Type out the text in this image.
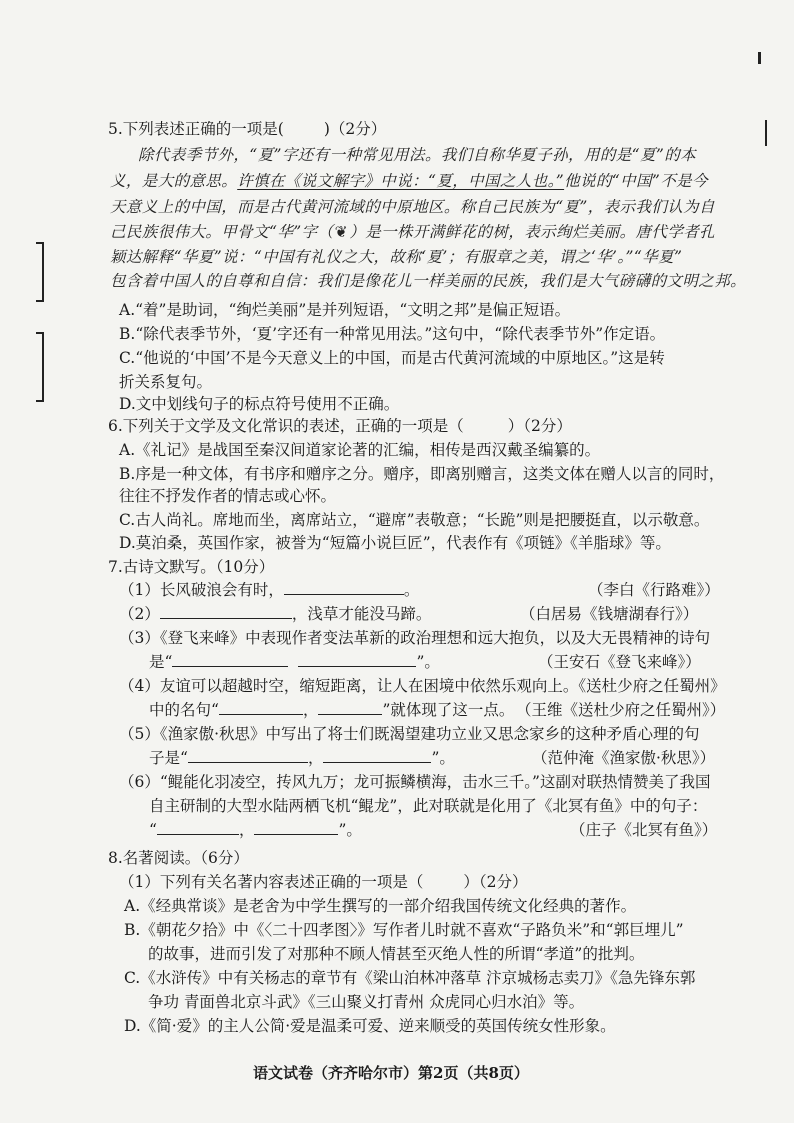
5.下列表述正确的一项是(	)（2分）
除代表季节外，“夏”字还有一种常见用法。我们自称华夏子孙，用的是“夏”的本
义，是大的意思。许慎在《说文解字》中说：“夏，中国之人也。”他说的“中国”不是今
天意义上的中国，而是古代黄河流域的中原地区。称自己民族为“夏”，表示我们认为自
己民族很伟大。甲骨文“华”字（❦）是一株开满鲜花的树，表示绚烂美丽。唐代学者孔
颖达解释“华夏”说：“中国有礼仪之大，故称‘夏’；有服章之美，谓之‘华’。”“华夏”
包含着中国人的自尊和自信：我们是像花儿一样美丽的民族，我们是大气磅礴的文明之邦。
A.“着”是助词，“绚烂美丽”是并列短语，“文明之邦”是偏正短语。
B.“除代表季节外，‘夏’字还有一种常见用法。”这句中，“除代表季节外”作定语。
C.“他说的‘中国’不是今天意义上的中国，而是古代黄河流域的中原地区。”这是转
折关系复句。
D.文中划线句子的标点符号使用不正确。
6.下列关于文学及文化常识的表述，正确的一项是（	）（2分）
A.《礼记》是战国至秦汉间道家论著的汇编，相传是西汉戴圣编纂的。
B.序是一种文体，有书序和赠序之分。赠序，即离别赠言，这类文体在赠人以言的同时，
往往不抒发作者的情志或心怀。
C.古人尚礼。席地而坐，离席站立，“避席”表敬意；“长跪”则是把腰挺直，以示敬意。
D.莫泊桑，英国作家，被誉为“短篇小说巨匠”，代表作有《项链》《羊脂球》等。
7.古诗文默写。（10分）
（1）长风破浪会有时，	。	（李白《行路难》）
（2）	，浅草才能没马蹄。	（白居易《钱塘湖春行》）
（3）《登飞来峰》中表现作者变法革新的政治理想和远大抱负，以及大无畏精神的诗句
是“	”。	（王安石《登飞来峰》）
（4）友谊可以超越时空，缩短距离，让人在困境中依然乐观向上。《送杜少府之任蜀州》
中的名句“	，	”就体现了这一点。 （王维《送杜少府之任蜀州》）
（5）《渔家傲·秋思》中写出了将士们既渴望建功立业又思念家乡的这种矛盾心理的句
子是“	，	”。	（范仲淹《渔家傲·秋思》）
（6）“鲲能化羽凌空，抟风九万；龙可振鳞横海，击水三千。”这副对联热情赞美了我国
自主研制的大型水陆两栖飞机“鲲龙”，此对联就是化用了《北冥有鱼》中的句子：
“	，	”。	（庄子《北冥有鱼》）
8.名著阅读。（6分）
（1）下列有关名著内容表述正确的一项是（	）（2分）
A.《经典常谈》是老舍为中学生撰写的一部介绍我国传统文化经典的著作。
B.《朝花夕拾》中《〈二十四孝图〉》写作者儿时就不喜欢“子路负米”和“郭巨埋儿”
的故事，进而引发了对那种不顾人情甚至灭绝人性的所谓“孝道”的批判。
C.《水浒传》中有关杨志的章节有《梁山泊林冲落草 汴京城杨志卖刀》《急先锋东郭
争功 青面兽北京斗武》《三山聚义打青州 众虎同心归水泊》等。
D.《简·爱》的主人公简·爱是温柔可爱、逆来顺受的英国传统女性形象。
语文试卷（齐齐哈尔市）第2页（共8页）
